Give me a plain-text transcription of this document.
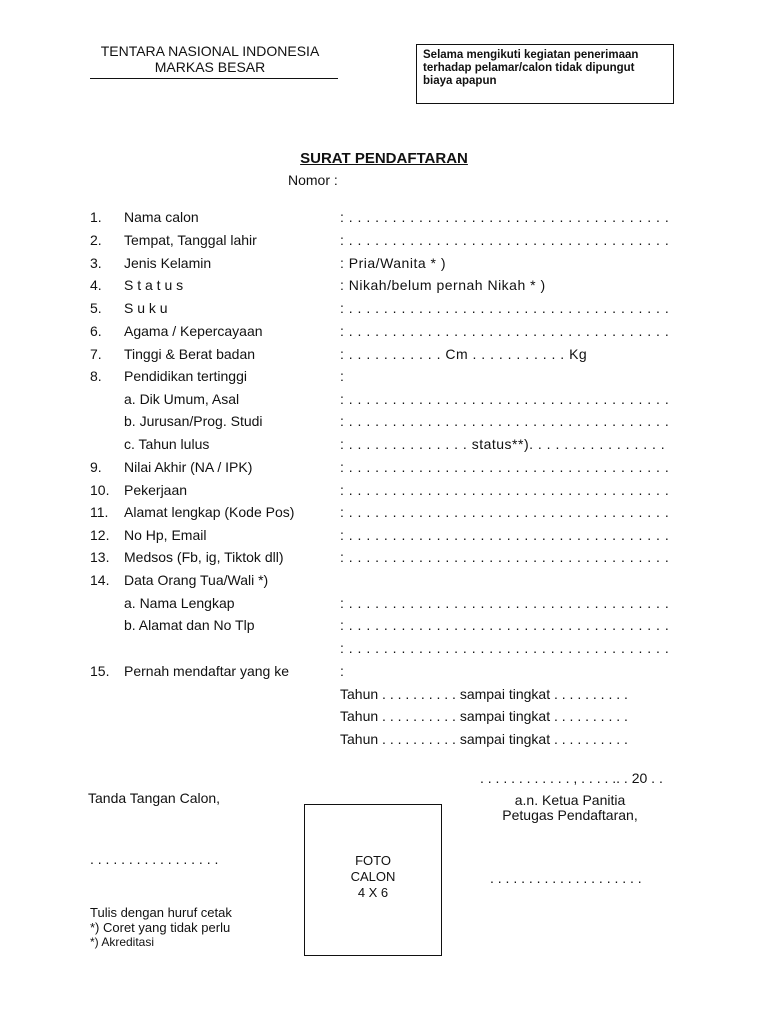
TENTARA NASIONAL INDONESIA
MARKAS BESAR
Selama mengikuti kegiatan penerimaan
terhadap pelamar/calon tidak dipungut
biaya apapun
SURAT PENDAFTARAN
Nomor :
1. Nama calon	: . . . . . . . . . . . . . . . . . . . . . . . . . . . . . . . . . . . . .
2. Tempat, Tanggal lahir	: . . . . . . . . . . . . . . . . . . . . . . . . . . . . . . . . . . . . .
3. Jenis Kelamin	: Pria/Wanita * )
4. S t a t u s	: Nikah/belum pernah Nikah * )
5. S u k u	: . . . . . . . . . . . . . . . . . . . . . . . . . . . . . . . . . . . . .
6. Agama / Kepercayaan	: . . . . . . . . . . . . . . . . . . . . . . . . . . . . . . . . . . . . .
7. Tinggi & Berat badan	: . . . . . . . . . . . Cm . . . . . . . . . . . Kg
8. Pendidikan tertinggi	:
a. Dik Umum, Asal	: . . . . . . . . . . . . . . . . . . . . . . . . . . . . . . . . . . . . .
b. Jurusan/Prog. Studi	: . . . . . . . . . . . . . . . . . . . . . . . . . . . . . . . . . . . . .
c. Tahun lulus	: . . . . . . . . . . . . . . status**). . . . . . . . . . . . . . . .
9. Nilai Akhir (NA / IPK)	: . . . . . . . . . . . . . . . . . . . . . . . . . . . . . . . . . . . . .
10. Pekerjaan	: . . . . . . . . . . . . . . . . . . . . . . . . . . . . . . . . . . . . .
11. Alamat lengkap (Kode Pos)	: . . . . . . . . . . . . . . . . . . . . . . . . . . . . . . . . . . . . .
12. No Hp, Email	: . . . . . . . . . . . . . . . . . . . . . . . . . . . . . . . . . . . . .
13. Medsos (Fb, ig, Tiktok dll)	: . . . . . . . . . . . . . . . . . . . . . . . . . . . . . . . . . . . . .
14. Data Orang Tua/Wali *)
a. Nama Lengkap	: . . . . . . . . . . . . . . . . . . . . . . . . . . . . . . . . . . . . .
b. Alamat dan No Tlp	: . . . . . . . . . . . . . . . . . . . . . . . . . . . . . . . . . . . . .
: . . . . . . . . . . . . . . . . . . . . . . . . . . . . . . . . . . . . .
15. Pernah mendaftar yang ke	:
Tahun . . . . . . . . . . sampai tingkat . . . . . . . . . .
Tahun . . . . . . . . . . sampai tingkat . . . . . . . . . .
Tahun . . . . . . . . . . sampai tingkat . . . . . . . . . .
. . . . . . . . . . . . , . . . . .. . 20 . .
Tanda Tangan Calon,
. . . . . . . . . . . . . . . . .
a.n. Ketua Panitia
Petugas Pendaftaran,
. . . . . . . . . . . . . . . . . . . .
FOTO
CALON
4 X 6
Tulis dengan huruf cetak
*) Coret yang tidak perlu
*) Akreditasi
